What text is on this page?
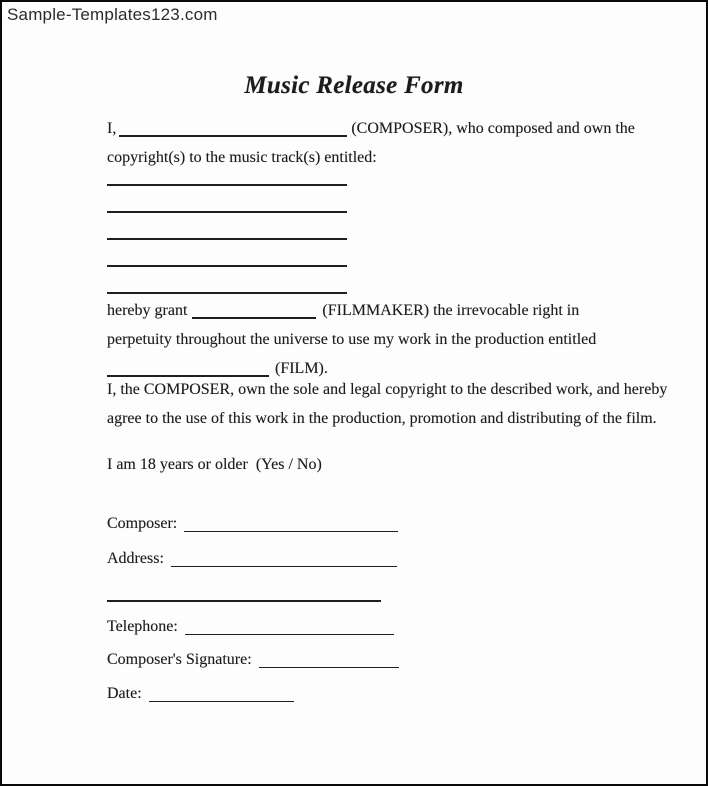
Sample-Templates123.com
Music Release Form
I,	(COMPOSER), who composed and own the
copyright(s) to the music track(s) entitled:
hereby grant	(FILMMAKER) the irrevocable right in
perpetuity throughout the universe to use my work in the production entitled
(FILM).
I, the COMPOSER, own the sole and legal copyright to the described work, and hereby
agree to the use of this work in the production, promotion and distributing of the film.
I am 18 years or older  (Yes / No)
Composer:
Address:
Telephone:
Composer's Signature:
Date:
